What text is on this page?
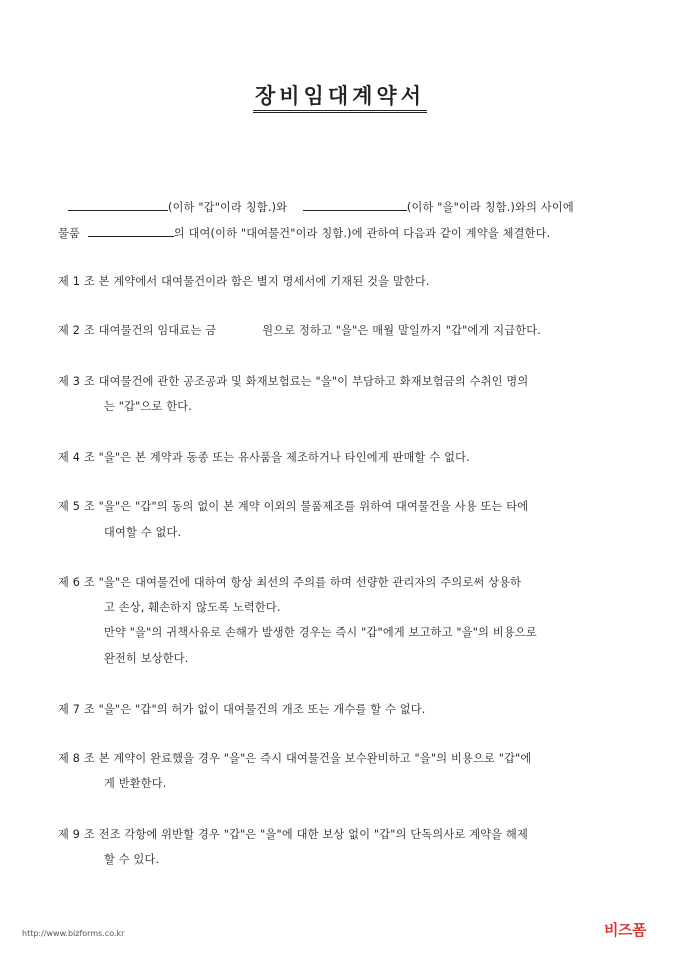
장비임대계약서
(이하 "갑"이라 칭함.)와	(이하 "을"이라 칭함.)와의 사이에
물품	의 대여(이하 "대여물건"이라 칭함.)에 관하여 다음과 같이 계약을 체결한다.
제 1 조 본 계약에서 대여물건이라 함은 별지 명세서에 기재된 것을 말한다.
제 2 조 대여물건의 임대료는 금	원으로 정하고 "을"은 매월 말일까지 "갑"에게 지급한다.
제 3 조 대여물건에 관한 공조공과 및 화재보험료는 "을"이 부담하고 화재보험금의 수취인 명의
는 "갑"으로 한다.
제 4 조 "을"은 본 계약과 동종 또는 유사품을 제조하거나 타인에게 판매할 수 없다.
제 5 조 "을"은 "갑"의 동의 없이 본 계약 이외의 물품제조를 위하여 대여물건을 사용 또는 타에
대여할 수 없다.
제 6 조 "을"은 대여물건에 대하여 항상 최선의 주의를 하며 선량한 관리자의 주의로써 상용하
고 손상, 훼손하지 않도록 노력한다.
만약 "을"의 귀책사유로 손해가 발생한 경우는 즉시 "갑"에게 보고하고 "을"의 비용으로
완전히 보상한다.
제 7 조 "을"은 "갑"의 허가 없이 대여물건의 개조 또는 개수를 할 수 없다.
제 8 조 본 계약이 완료했을 경우 "을"은 즉시 대여물건을 보수완비하고 "을"의 비용으로 "갑"에
게 반환한다.
제 9 조 전조 각항에 위반할 경우 "갑"은 "을"에 대한 보상 없이 "갑"의 단독의사로 계약을 해제
할 수 있다.
http://www.bizforms.co.kr	비즈폼
